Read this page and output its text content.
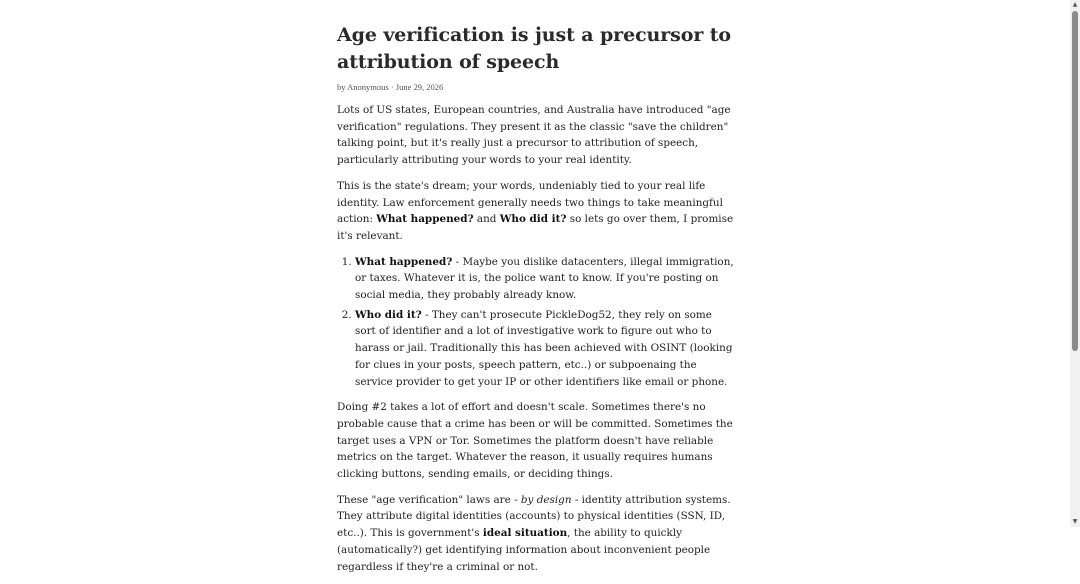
Age verification is just a precursor to attribution of speech
by Anonymous · June 29, 2026

Lots of US states, European countries, and Australia have introduced "age verification" regulations. They present it as the classic "save the children" talking point, but it's really just a precursor to attribution of speech, particularly attributing your words to your real identity.

This is the state's dream; your words, undeniably tied to your real life identity. Law enforcement generally needs two things to take meaningful action: What happened? and Who did it? so lets go over them, I promise it's relevant.

1. What happened? - Maybe you dislike datacenters, illegal immigration, or taxes. Whatever it is, the police want to know. If you're posting on social media, they probably already know.
2. Who did it? - They can't prosecute PickleDog52, they rely on some sort of identifier and a lot of investigative work to figure out who to harass or jail. Traditionally this has been achieved with OSINT (looking for clues in your posts, speech pattern, etc..) or subpoenaing the service provider to get your IP or other identifiers like email or phone.

Doing #2 takes a lot of effort and doesn't scale. Sometimes there's no probable cause that a crime has been or will be committed. Sometimes the target uses a VPN or Tor. Sometimes the platform doesn't have reliable metrics on the target. Whatever the reason, it usually requires humans clicking buttons, sending emails, or deciding things.

These "age verification" laws are - by design - identity attribution systems. They attribute digital identities (accounts) to physical identities (SSN, ID, etc..). This is government's ideal situation, the ability to quickly (automatically?) get identifying information about inconvenient people regardless if they're a criminal or not.

▲
▼
